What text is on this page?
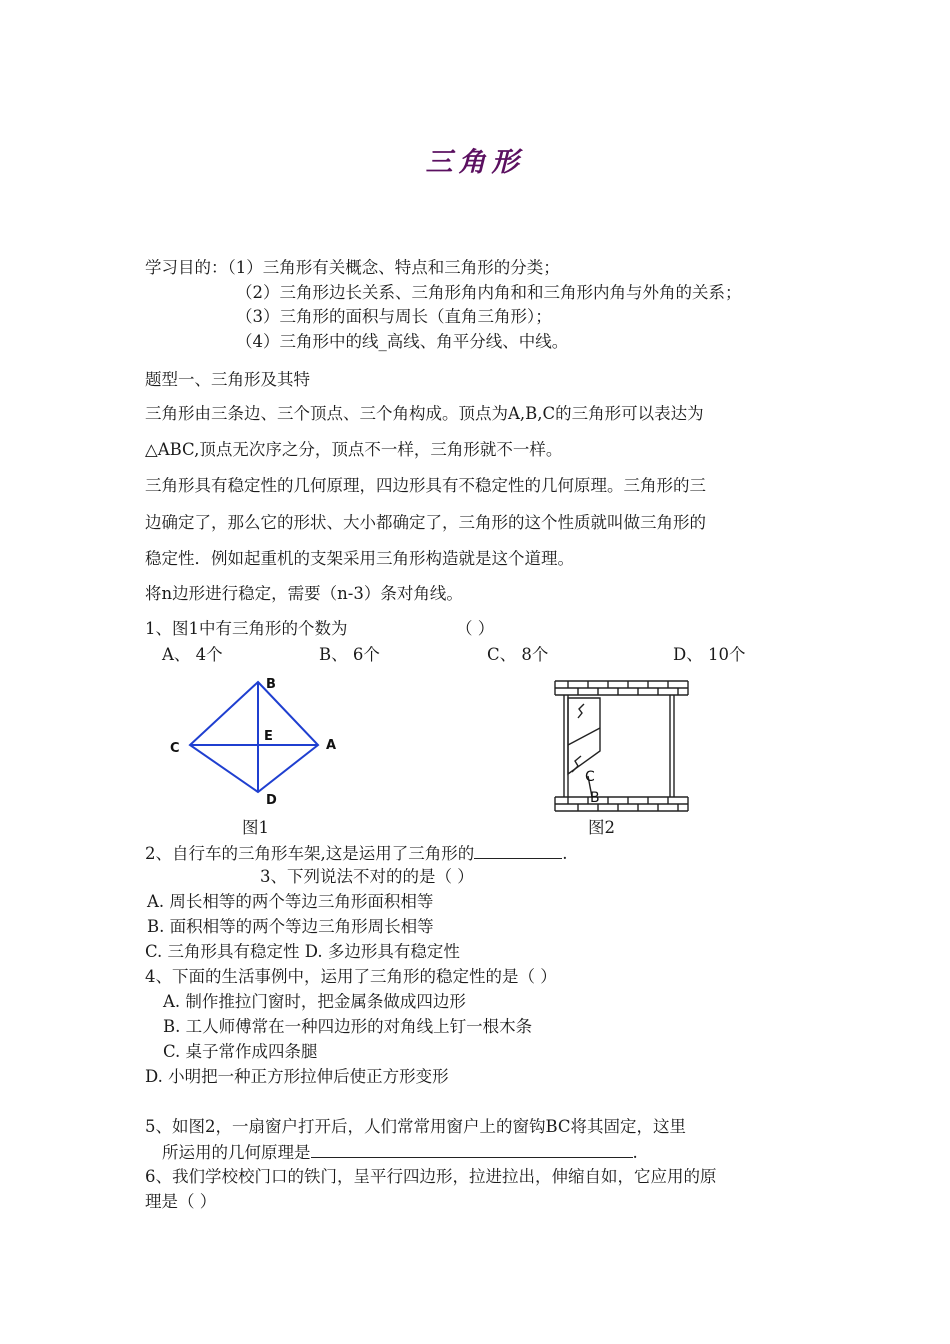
三角形
学习目的：（1）三角形有关概念、特点和三角形的分类；
（2）三角形边长关系、三角形角内角和和三角形内角与外角的关系；
（3）三角形的面积与周长（直角三角形）；
（4）三角形中的线_高线、角平分线、中线。
题型一、三角形及其特
三角形由三条边、三个顶点、三个角构成。顶点为A,B,C的三角形可以表达为
△ABC,顶点无次序之分，顶点不一样，三角形就不一样。
三角形具有稳定性的几何原理，四边形具有不稳定性的几何原理。三角形的三
边确定了，那么它的形状、大小都确定了，三角形的这个性质就叫做三角形的
稳定性．例如起重机的支架采用三角形构造就是这个道理。
将n边形进行稳定，需要（n-3）条对角线。
1、图1中有三角形的个数为	（ ）
A、 4个	B、 6个	C、 8个	D、 10个
B
C
E
A
D
图1
C
B
图2
2、自行车的三角形车架,这是运用了三角形的	.
3、下列说法不对的的是（ ）
A. 周长相等的两个等边三角形面积相等
B. 面积相等的两个等边三角形周长相等
C. 三角形具有稳定性 D. 多边形具有稳定性
4、下面的生活事例中，运用了三角形的稳定性的是（ ）
A. 制作推拉门窗时，把金属条做成四边形
B. 工人师傅常在一种四边形的对角线上钉一根木条
C. 桌子常作成四条腿
D. 小明把一种正方形拉伸后使正方形变形
5、如图2，一扇窗户打开后，人们常常用窗户上的窗钩BC将其固定，这里
所运用的几何原理是	.
6、我们学校校门口的铁门，呈平行四边形，拉进拉出，伸缩自如，它应用的原
理是（ ）
